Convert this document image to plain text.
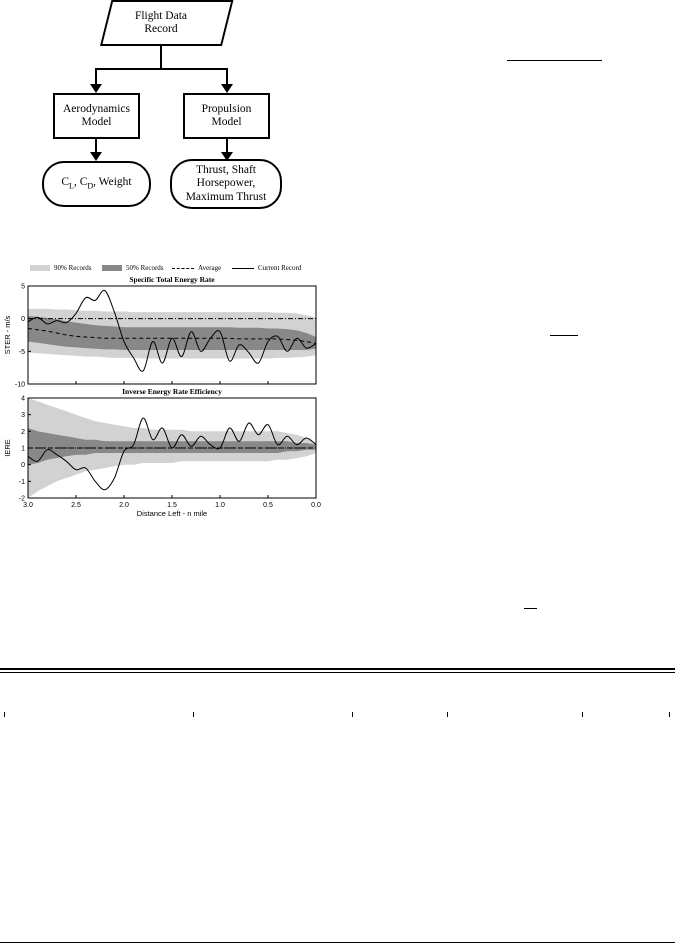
Flight Data
Record
Aerodynamics
Model
Propulsion
Model
$C_L$, $C_D$, Weight
Thrust, Shaft
Horsepower,
Maximum Thrust
90% Records	50% Records	Average	Current Record
Specific Total Energy Rate
5
0
-5
-10
STER - m/s
Inverse Energy Rate Efficiency
4
3
2
1
0
-1
-2
IERE
3.0	2.5	2.0	1.5	1.0	0.5	0.0
Distance Left - n mile
